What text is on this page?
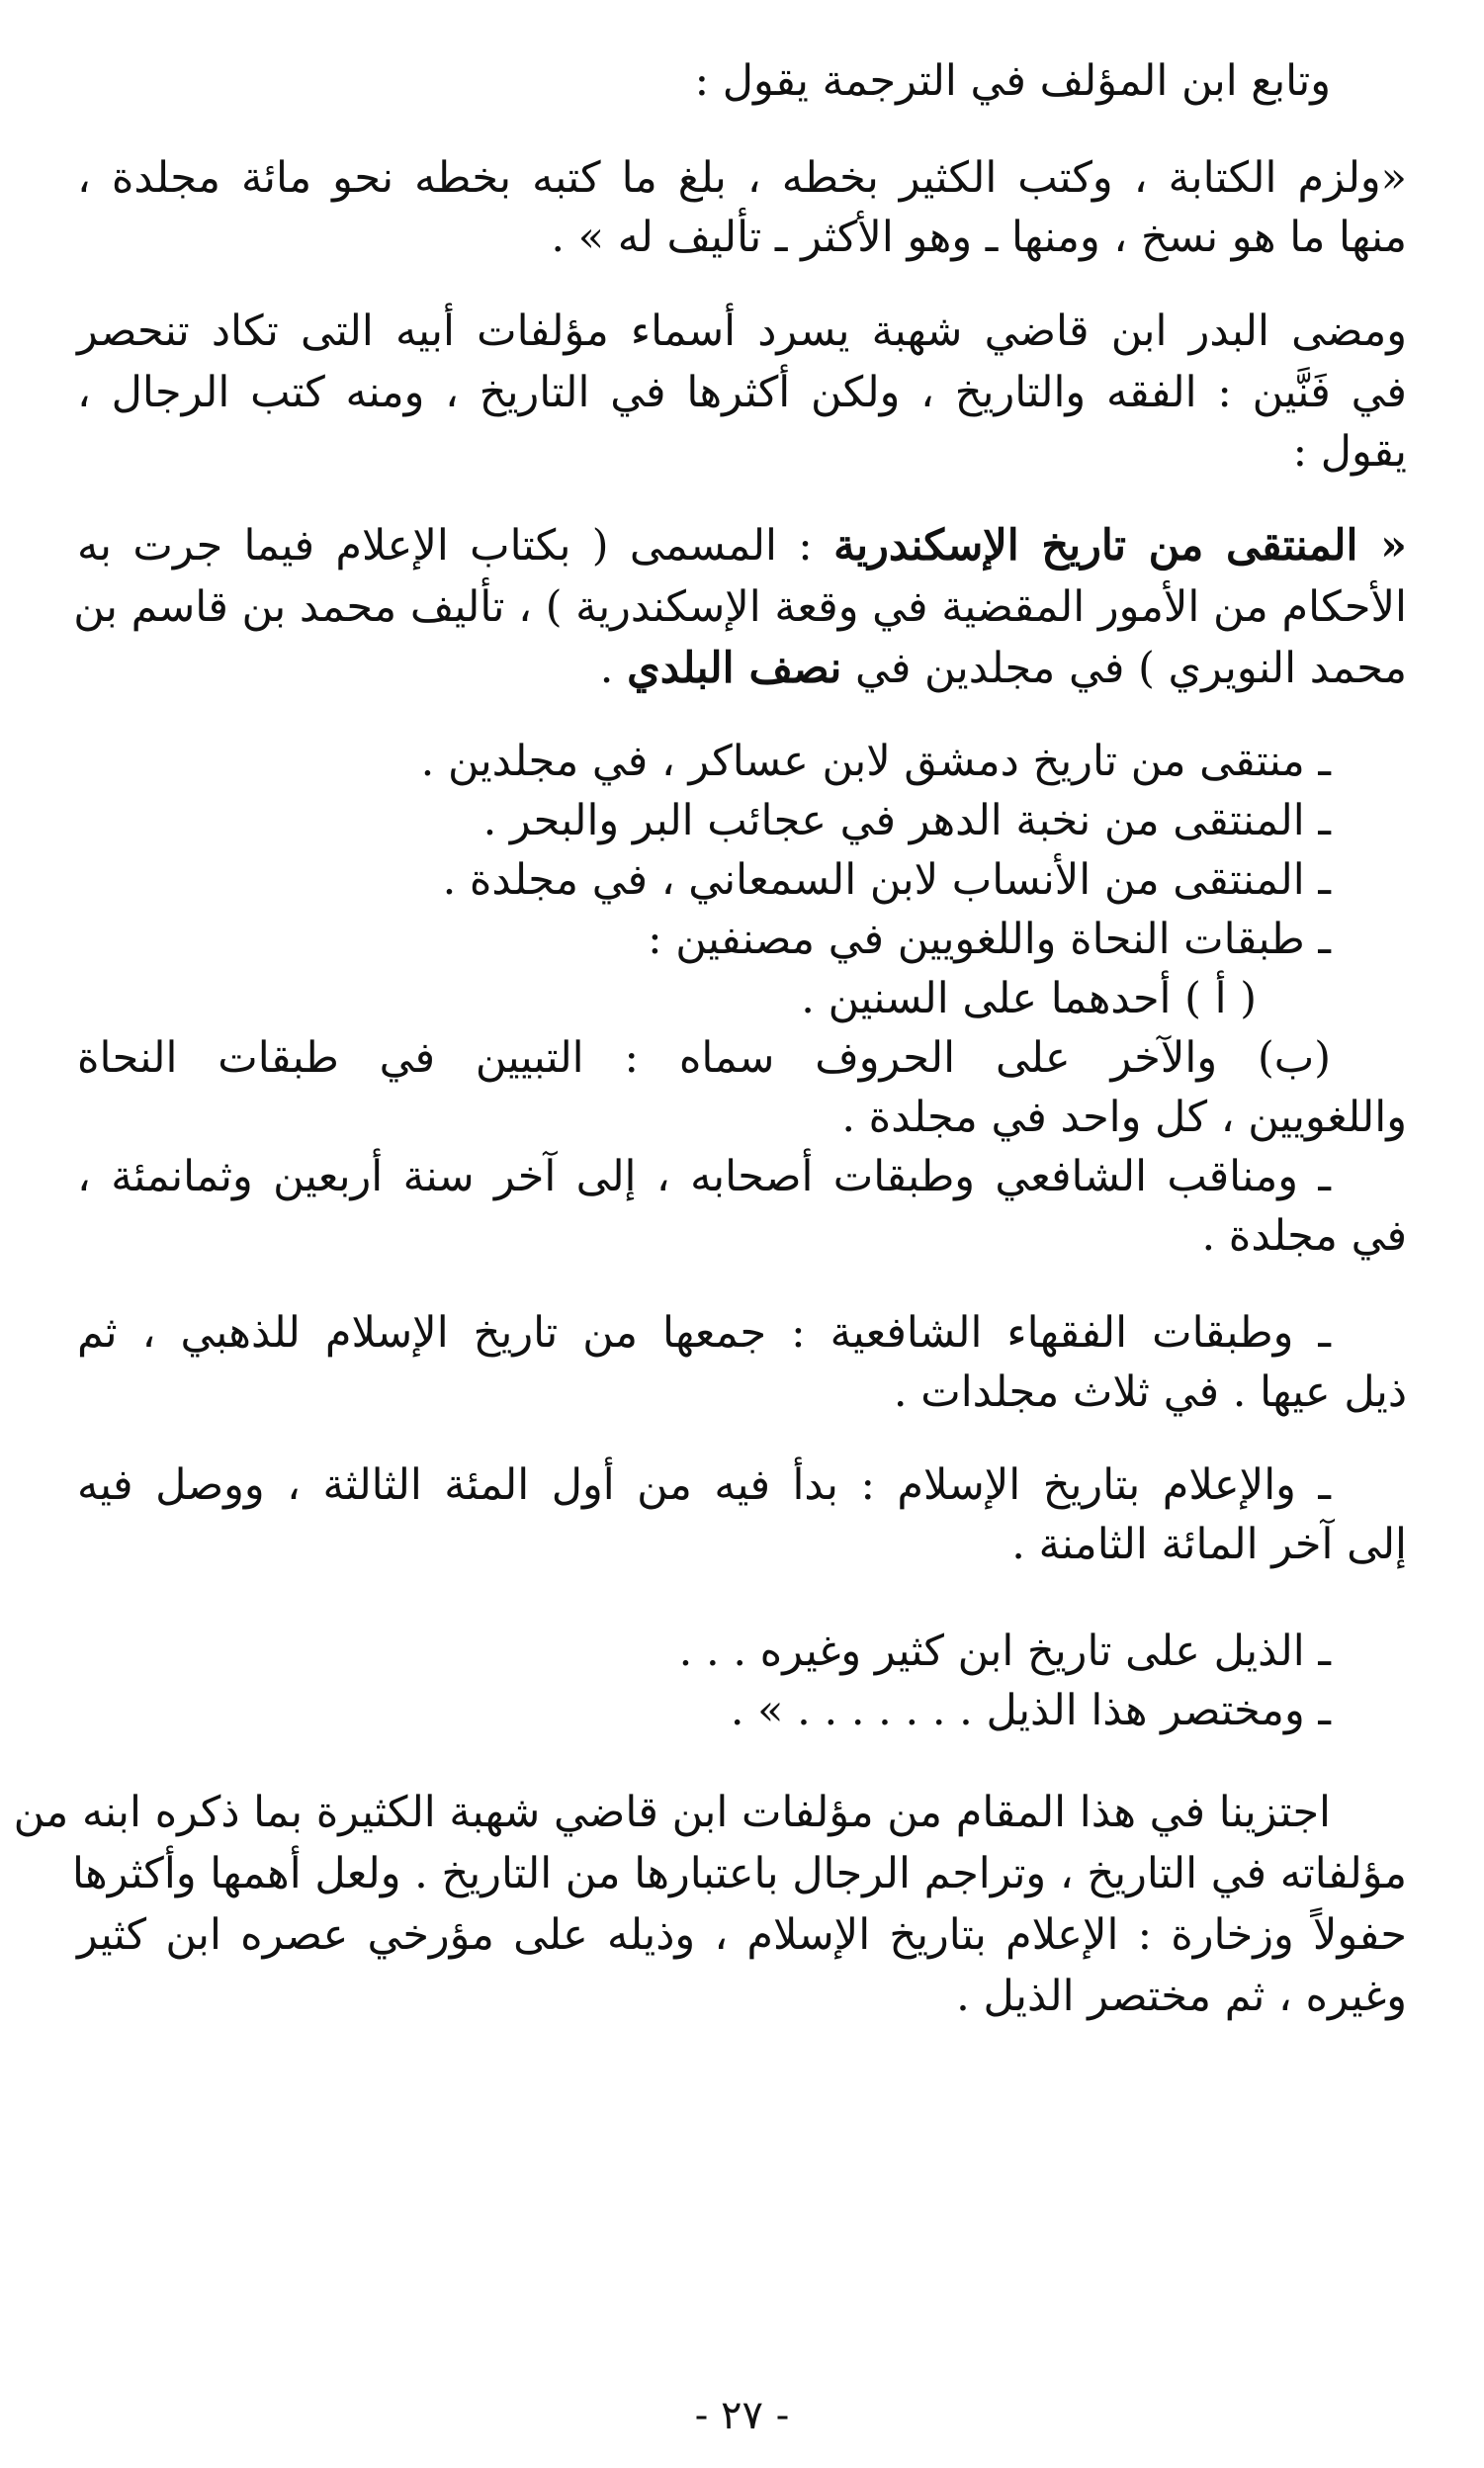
وتابع ابن المؤلف في الترجمة يقول :
«ولزم الكتابة ، وكتب الكثير بخطه ، بلغ ما كتبه بخطه نحو مائة مجلدة ،
منها ما هو نسخ ، ومنها ـ وهو الأكثر ـ تأليف له » .
ومضى البدر ابن قاضي شهبة يسرد أسماء مؤلفات أبيه التى تكاد تنحصر
في فَنَّين : الفقه والتاريخ ، ولكن أكثرها في التاريخ ، ومنه كتب الرجال ،
يقول :
« المنتقى من تاريخ الإسكندرية : المسمى ( بكتاب الإعلام فيما جرت به
الأحكام من الأمور المقضية في وقعة الإسكندرية ) ، تأليف محمد بن قاسم بن
محمد النويري ) في مجلدين في نصف البلدي .
ـ منتقى من تاريخ دمشق لابن عساكر ، في مجلدين .
ـ المنتقى من نخبة الدهر في عجائب البر والبحر .
ـ المنتقى من الأنساب لابن السمعاني ، في مجلدة .
ـ طبقات النحاة واللغويين في مصنفين :
( أ ) أحدهما على السنين .
(ب) والآخر على الحروف سماه : التبيين في طبقات النحاة
واللغويين ، كل واحد في مجلدة .
ـ ومناقب الشافعي وطبقات أصحابه ، إلى آخر سنة أربعين وثمانمئة ،
في مجلدة .
ـ وطبقات الفقهاء الشافعية : جمعها من تاريخ الإسلام للذهبي ، ثم
ذيل عيها . في ثلاث مجلدات .
ـ والإعلام بتاريخ الإسلام : بدأ فيه من أول المئة الثالثة ، ووصل فيه
إلى آخر المائة الثامنة .
ـ الذيل على تاريخ ابن كثير وغيره . . .
ـ ومختصر هذا الذيل . . . . . . . » .
اجتزينا في هذا المقام من مؤلفات ابن قاضي شهبة الكثيرة بما ذكره ابنه من
مؤلفاته في التاريخ ، وتراجم الرجال باعتبارها من التاريخ . ولعل أهمها وأكثرها
حفولاً وزخارة : الإعلام بتاريخ الإسلام ، وذيله على مؤرخي عصره ابن كثير
وغيره ، ثم مختصر الذيل .
- ٢٧ -
